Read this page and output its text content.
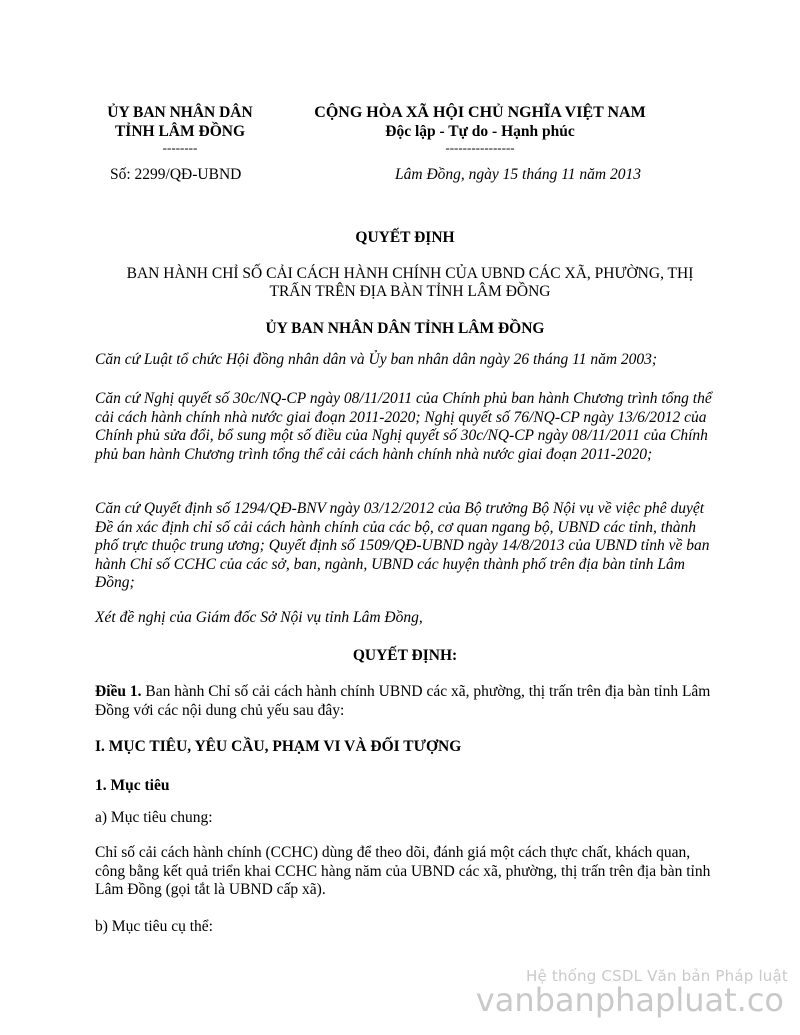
ỦY BAN NHÂN DÂN
TỈNH LÂM ĐỒNG
--------
CỘNG HÒA XÃ HỘI CHỦ NGHĨA VIỆT NAM
Độc lập - Tự do - Hạnh phúc
----------------
Số: 2299/QĐ-UBND	Lâm Đồng, ngày 15 tháng 11 năm 2013
QUYẾT ĐỊNH
BAN HÀNH CHỈ SỐ CẢI CÁCH HÀNH CHÍNH CỦA UBND CÁC XÃ, PHƯỜNG, THỊ TRẤN TRÊN ĐỊA BÀN TỈNH LÂM ĐỒNG
ỦY BAN NHÂN DÂN TỈNH LÂM ĐỒNG
Căn cứ Luật tổ chức Hội đồng nhân dân và Ủy ban nhân dân ngày 26 tháng 11 năm 2003;
Căn cứ Nghị quyết số 30c/NQ-CP ngày 08/11/2011 của Chính phủ ban hành Chương trình tổng thể cải cách hành chính nhà nước giai đoạn 2011-2020; Nghị quyết số 76/NQ-CP ngày 13/6/2012 của Chính phủ sửa đổi, bổ sung một số điều của Nghị quyết số 30c/NQ-CP ngày 08/11/2011 của Chính phủ ban hành Chương trình tổng thể cải cách hành chính nhà nước giai đoạn 2011-2020;
Căn cứ Quyết định số 1294/QĐ-BNV ngày 03/12/2012 của Bộ trưởng Bộ Nội vụ về việc phê duyệt Đề án xác định chỉ số cải cách hành chính của các bộ, cơ quan ngang bộ, UBND các tỉnh, thành phố trực thuộc trung ương; Quyết định số 1509/QĐ-UBND ngày 14/8/2013 của UBND tỉnh về ban hành Chỉ số CCHC của các sở, ban, ngành, UBND các huyện thành phố trên địa bàn tỉnh Lâm Đồng;
Xét đề nghị của Giám đốc Sở Nội vụ tỉnh Lâm Đồng,
QUYẾT ĐỊNH:
Điều 1. Ban hành Chỉ số cải cách hành chính UBND các xã, phường, thị trấn trên địa bàn tỉnh Lâm Đồng với các nội dung chủ yếu sau đây:
I. MỤC TIÊU, YÊU CẦU, PHẠM VI VÀ ĐỐI TƯỢNG
1. Mục tiêu
a) Mục tiêu chung:
Chỉ số cải cách hành chính (CCHC) dùng để theo dõi, đánh giá một cách thực chất, khách quan, công bằng kết quả triển khai CCHC hàng năm của UBND các xã, phường, thị trấn trên địa bàn tỉnh Lâm Đồng (gọi tắt là UBND cấp xã).
b) Mục tiêu cụ thể:
Hệ thống CSDL Văn bản Pháp luật
vanbanphapluat.co
